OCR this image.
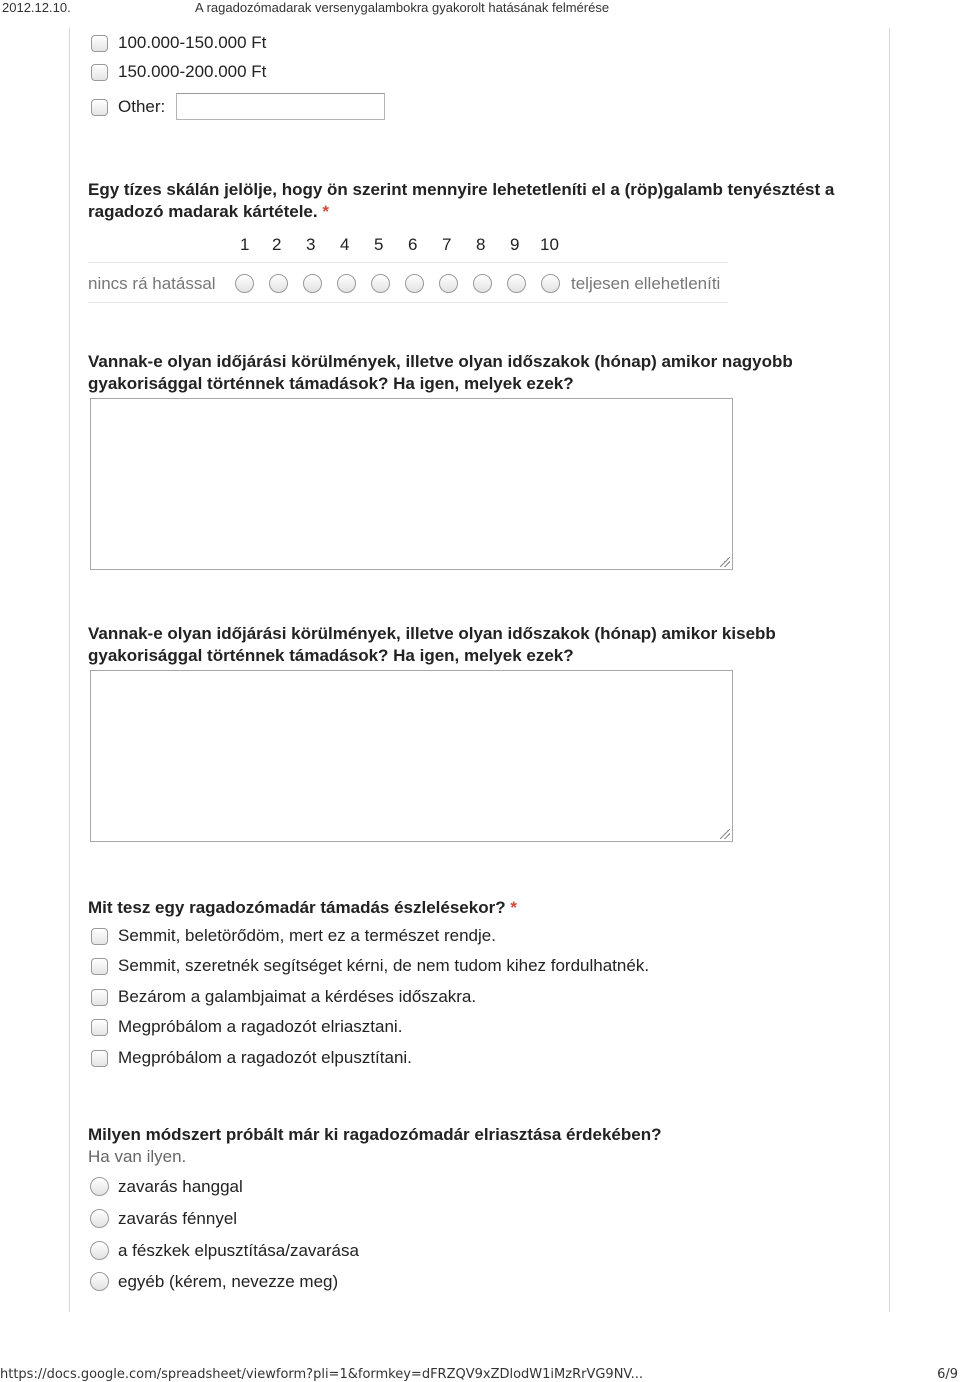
2012.12.10.	A ragadozómadarak versenygalambokra gyakorolt hatásának felmérése
100.000-150.000 Ft
150.000-200.000 Ft
Other:
Egy tízes skálán jelölje, hogy ön szerint mennyire lehetetleníti el a (röp)galamb tenyésztést a ragadozó madarak kártétele. *
1 2 3 4 5 6 7 8 9 10
nincs rá hatással	teljesen ellehetleníti
Vannak-e olyan időjárási körülmények, illetve olyan időszakok (hónap) amikor nagyobb gyakorisággal történnek támadások? Ha igen, melyek ezek?
Vannak-e olyan időjárási körülmények, illetve olyan időszakok (hónap) amikor kisebb gyakorisággal történnek támadások? Ha igen, melyek ezek?
Mit tesz egy ragadozómadár támadás észlelésekor? *
Semmit, beletörődöm, mert ez a természet rendje.
Semmit, szeretnék segítséget kérni, de nem tudom kihez fordulhatnék.
Bezárom a galambjaimat a kérdéses időszakra.
Megpróbálom a ragadozót elriasztani.
Megpróbálom a ragadozót elpusztítani.
Milyen módszert próbált már ki ragadozómadár elriasztása érdekében?
Ha van ilyen.
zavarás hanggal
zavarás fénnyel
a fészkek elpusztítása/zavarása
egyéb (kérem, nevezze meg)
https://docs.google.com/spreadsheet/viewform?pli=1&formkey=dFRZQV9xZDlodW1iMzRrVG9NV...	6/9
